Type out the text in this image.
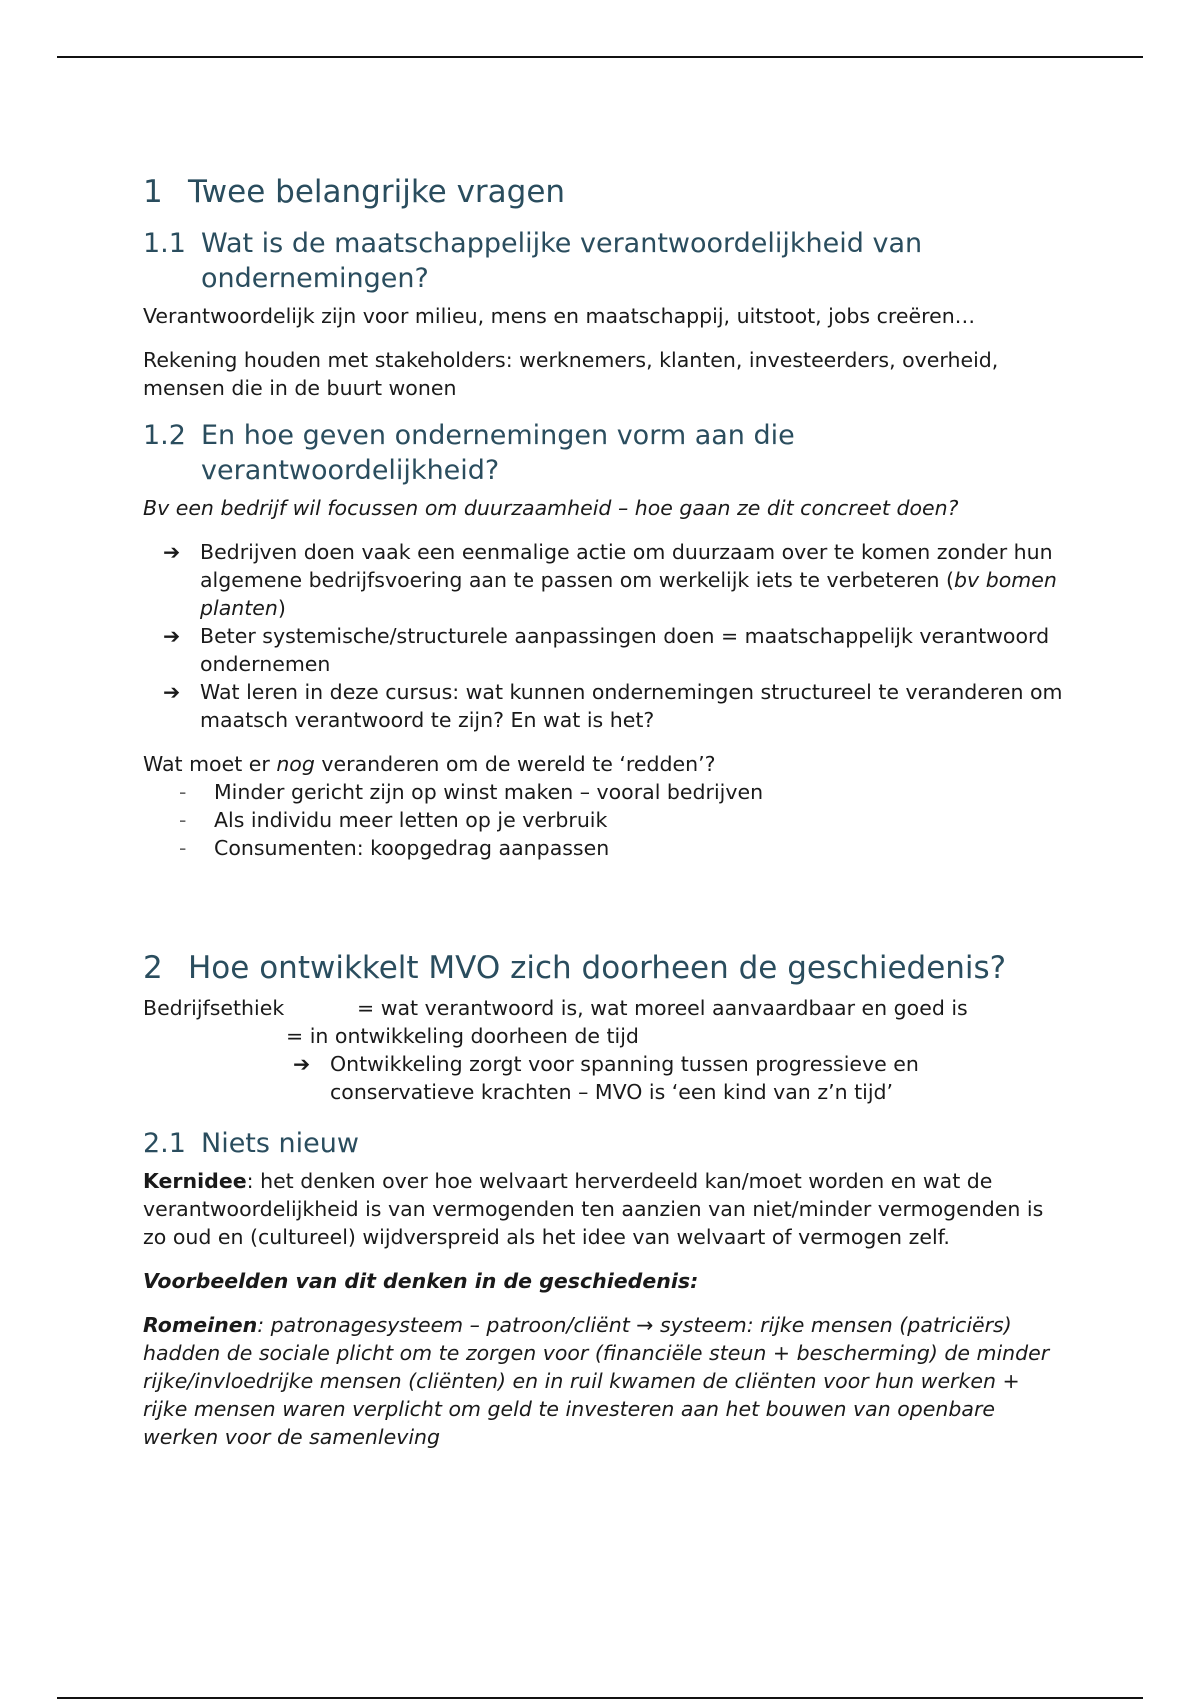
1 Twee belangrijke vragen
1.1 Wat is de maatschappelijke verantwoordelijkheid van ondernemingen?

Verantwoordelijk zijn voor milieu, mens en maatschappij, uitstoot, jobs creëren…

Rekening houden met stakeholders: werknemers, klanten, investeerders, overheid, mensen die in de buurt wonen

1.2 En hoe geven ondernemingen vorm aan die verantwoordelijkheid?

Bv een bedrijf wil focussen om duurzaamheid – hoe gaan ze dit concreet doen?

➔ Bedrijven doen vaak een eenmalige actie om duurzaam over te komen zonder hun algemene bedrijfsvoering aan te passen om werkelijk iets te verbeteren (bv bomen planten)
➔ Beter systemische/structurele aanpassingen doen = maatschappelijk verantwoord ondernemen
➔ Wat leren in deze cursus: wat kunnen ondernemingen structureel te veranderen om maatsch verantwoord te zijn? En wat is het?
Wat moet er nog veranderen om de wereld te ‘redden’?
-	Minder gericht zijn op winst maken – vooral bedrijven
-	Als individu meer letten op je verbruik
-	Consumenten: koopgedrag aanpassen
2 Hoe ontwikkelt MVO zich doorheen de geschiedenis?
Bedrijfsethiek	= wat verantwoord is, wat moreel aanvaardbaar en goed is
= in ontwikkeling doorheen de tijd
➔ Ontwikkeling zorgt voor spanning tussen progressieve en conservatieve krachten – MVO is ‘een kind van z’n tijd’
2.1 Niets nieuw

Kernidee: het denken over hoe welvaart herverdeeld kan/moet worden en wat de verantwoordelijkheid is van vermogenden ten aanzien van niet/minder vermogenden is zo oud en (cultureel) wijdverspreid als het idee van welvaart of vermogen zelf.

Voorbeelden van dit denken in de geschiedenis:

Romeinen: patronagesysteem – patroon/cliënt → systeem: rijke mensen (patriciërs) hadden de sociale plicht om te zorgen voor (financiële steun + bescherming) de minder rijke/invloedrijke mensen (cliënten) en in ruil kwamen de cliënten voor hun werken + rijke mensen waren verplicht om geld te investeren aan het bouwen van openbare werken voor de samenleving
